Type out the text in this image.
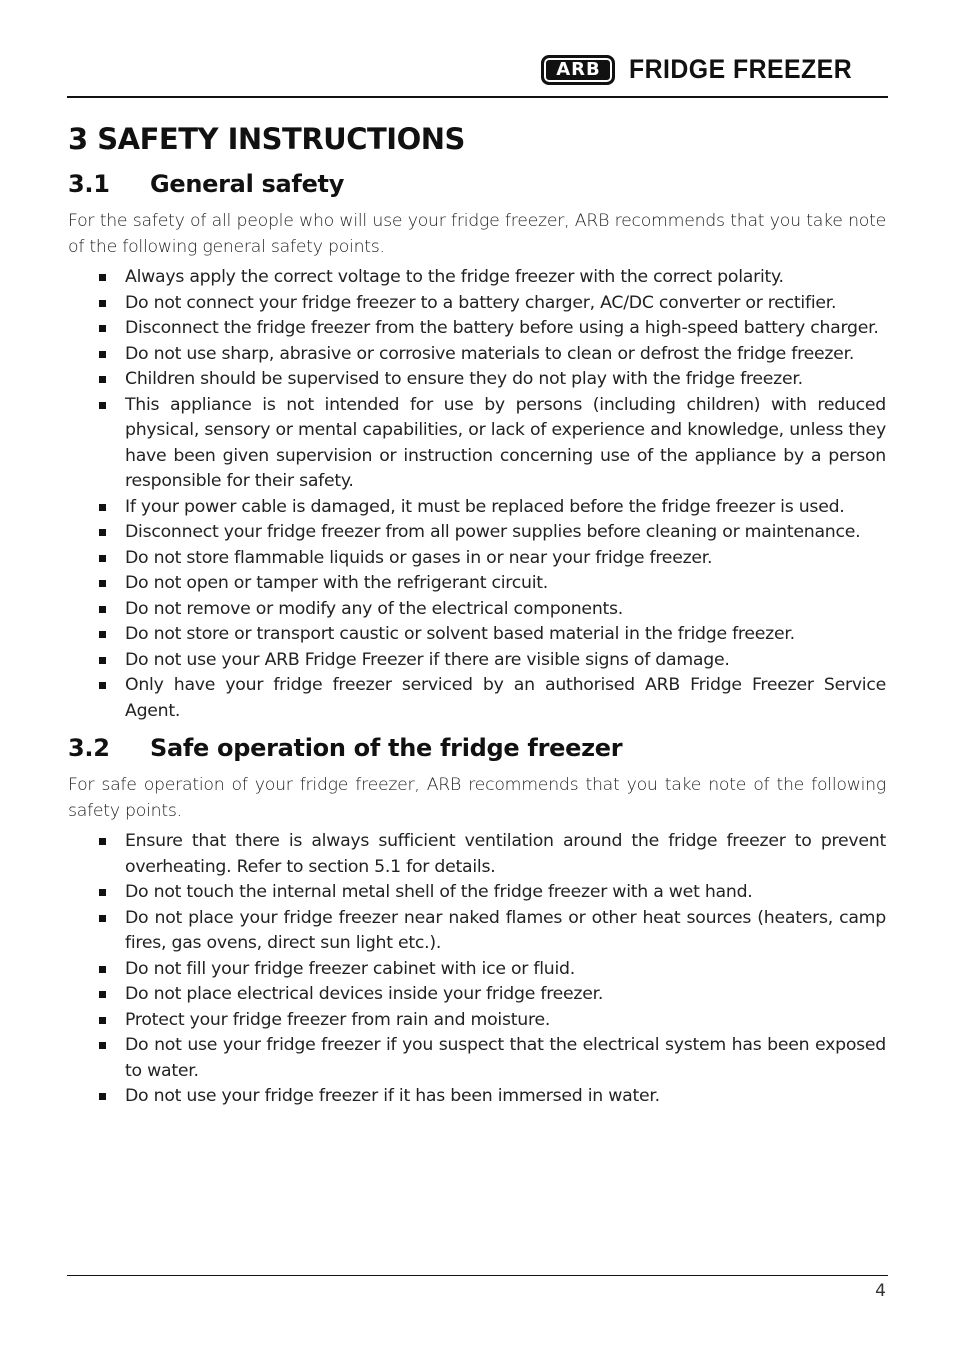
ARB	FRIDGE FREEZER
3 SAFETY INSTRUCTIONS
3.1	General safety

For the safety of all people who will use your fridge freezer, ARB recommends that you take note of the following general safety points.

Always apply the correct voltage to the fridge freezer with the correct polarity.
Do not connect your fridge freezer to a battery charger, AC/DC converter or rectifier.
Disconnect the fridge freezer from the battery before using a high-speed battery charger.
Do not use sharp, abrasive or corrosive materials to clean or defrost the fridge freezer.
Children should be supervised to ensure they do not play with the fridge freezer.
This appliance is not intended for use by persons (including children) with reduced physical, sensory or mental capabilities, or lack of experience and knowledge, unless they have been given supervision or instruction concerning use of the appliance by a person responsible for their safety.
If your power cable is damaged, it must be replaced before the fridge freezer is used.
Disconnect your fridge freezer from all power supplies before cleaning or maintenance.
Do not store flammable liquids or gases in or near your fridge freezer.
Do not open or tamper with the refrigerant circuit.
Do not remove or modify any of the electrical components.
Do not store or transport caustic or solvent based material in the fridge freezer.
Do not use your ARB Fridge Freezer if there are visible signs of damage.
Only have your fridge freezer serviced by an authorised ARB Fridge Freezer Service Agent.
3.2	Safe operation of the fridge freezer

For safe operation of your fridge freezer, ARB recommends that you take note of the following safety points.

Ensure that there is always sufficient ventilation around the fridge freezer to prevent overheating. Refer to section 5.1 for details.
Do not touch the internal metal shell of the fridge freezer with a wet hand.
Do not place your fridge freezer near naked flames or other heat sources (heaters, camp fires, gas ovens, direct sun light etc.).
Do not fill your fridge freezer cabinet with ice or fluid.
Do not place electrical devices inside your fridge freezer.
Protect your fridge freezer from rain and moisture.
Do not use your fridge freezer if you suspect that the electrical system has been exposed to water.
Do not use your fridge freezer if it has been immersed in water.
4
